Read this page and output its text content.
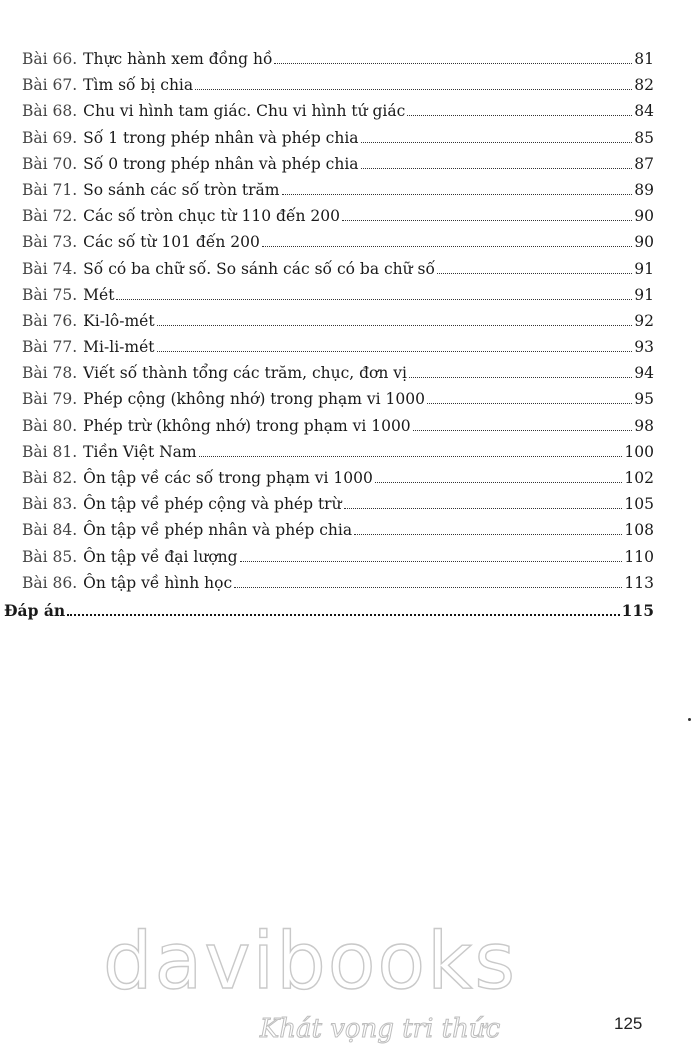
Bài 66. Thực hành xem đồng hồ	81
Bài 67. Tìm số bị chia	82
Bài 68. Chu vi hình tam giác. Chu vi hình tứ giác	84
Bài 69. Số 1 trong phép nhân và phép chia	85
Bài 70. Số 0 trong phép nhân và phép chia	87
Bài 71. So sánh các số tròn trăm	89
Bài 72. Các số tròn chục từ 110 đến 200	90
Bài 73. Các số từ 101 đến 200	90
Bài 74. Số có ba chữ số. So sánh các số có ba chữ số	91
Bài 75. Mét	91
Bài 76. Ki-lô-mét	92
Bài 77. Mi-li-mét	93
Bài 78. Viết số thành tổng các trăm, chục, đơn vị	94
Bài 79. Phép cộng (không nhớ) trong phạm vi 1000	95
Bài 80. Phép trừ (không nhớ) trong phạm vi 1000	98
Bài 81. Tiền Việt Nam	100
Bài 82. Ôn tập về các số trong phạm vi 1000	102
Bài 83. Ôn tập về phép cộng và phép trừ	105
Bài 84. Ôn tập về phép nhân và phép chia	108
Bài 85. Ôn tập về đại lượng	110
Bài 86. Ôn tập về hình học	113
Đáp án	115
davibooks
Khát vọng tri thức	125
